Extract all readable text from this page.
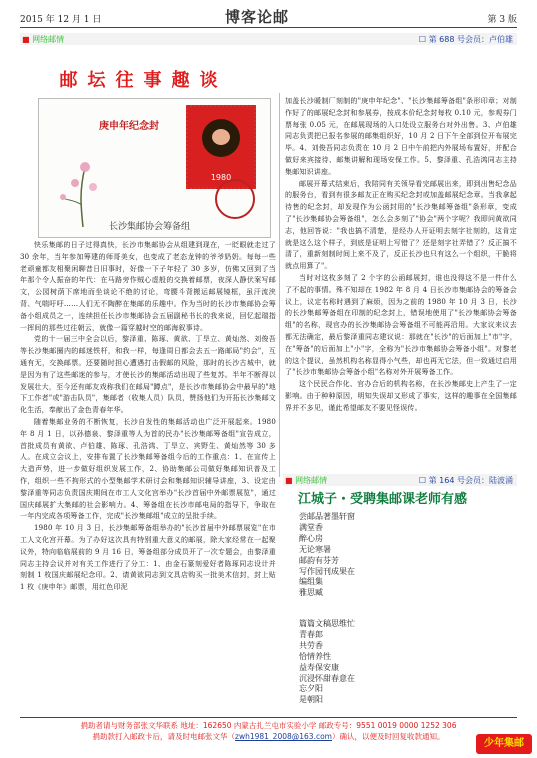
2015 年 12 月 1 日	博客论邮	第 3 版
■ 网络邮情	☐ 第 688 号会员：卢伯雄
邮坛往事趣谈
庚申年纪念封
1980
长沙集邮协会筹备组

快乐集邮的日子过得真快，长沙市集邮协会从组建到现在，一眨眼就走过了 30 余年，当年参加筹建的师哥美女，也变成了老态龙钟的爷爷奶奶。每每一些老顽童都友相聚闲聊昔日旧事时，好像一下子年轻了 30 多岁，仿佛又回到了当年那个令人振奋的年代：在马路旁作贼心虚般的交换着邮票，夜深人静伏案写邮文，公园树荫下席地而坐谈论不绝的讨论，弯腰斗背搬运邮展镜框，虽汗流浃背、气喘吁吁……人们无不陶醉在集邮的乐趣中。作为当时的长沙市集邮协会筹备小组成员之一，连续担任长沙市集邮协会五届副秘书长的我来说，回忆起瑞指一挥间的那些过往朝云，就像一篇穿越时空的邮海叙事诗。

党的十一届三中全会以后，黎泽重、陈琢、黄欲、丁旱立、黄灿然、刘俊吾等长沙集邮圈内的邮迷铁杆，和我一样，每逢周日都会去五一路邮局"约会"，互通有无，交换邮票。还要随时担心遭遇打击假邮的风险，那时的长沙古城中，就是因为有了这些邮迷的参与，才使长沙的集邮活动出现了些复苏。半年不断得以发展壮大，至今还有邮友戏称我们在邮局"蹲点"，是长沙市集邮协会中最早的"地下工作者"或"游击队员"，集邮者（收集人员）队员，赞扬他们为开拓长沙集邮文化生活，奉献出了金色青春年华。

随着集邮业务的不断恢复，长沙自发性的集邮活动也广泛开展起来。1980 年 8 月 1 日，以孙德泉、黎泽重等人为首的民办"长沙集邮筹备组"宣告成立，首批成员有黄欲、卢伯雄、陈琢、孔浩鸿、丁旱立、宾野生、黄灿然等 30 多人。在成立会议上，安排布置了长沙集邮筹备组今后的工作重点：1、在宣传上大造声势，进一步做好组织发展工作，2、协助集邮公司做好集邮知识普及工作，组织一些不拘形式的小型集邮学术研讨会和集邮知识辅导讲座，3、设定由黎泽重等同志负责国庆期间在市工人文化宫举办"长沙首届中外邮票展览"，通过国庆邮展扩大集邮的社会影响力。4、筹备组在长沙市邮电局的指导下，争取在一年内完成各项筹备工作，完成"长沙集邮组"成立的呈批手续。

1980 年 10 月 3 日，长沙集邮筹备组举办的"长沙首届中外邮票展览"在市工人文化宫开幕。为了办好这次具有特别重大意义的邮展，除大家经常在一起聚议外，特向临临展前的 9 月 16 日，筹备组部分成员开了一次专题会，由黎泽重同志主持会议并对有关工作进行了分工：1、由金石篆刻爱好者陈琢同志设计并刻制 1 枚国庆邮展纪念印。2、请黄欲同志到文具店购买一批美术信封，封上贴 1 枚《庚申年》邮票，用红色印泥

加盖长沙暖制厂刻制的"庚申年纪念"、"长沙集邮筹备组"条形印章；对制作好了的邮展纪念封和参展券，按成本价纪念封每枚 0.10 元，参观券门票每张 0.05 元，在邮展现场的入口处设立服务台对外出售。3、卢伯雄同志负责把已报名参展的邮集组织好，10 月 2 日下午全部到位开布展完毕。4、刘俊吾同志负责在 10 月 2 日中午前把内外展场布置好，并配合做好来宾接待、邮集讲解和现场安保工作。5、黎泽重、孔浩鸿同志主持集邮知识讲座。

邮展开幕式结束后，我陪同有关领导看完邮展出来，即到出售纪念品的服务台，看到有很多邮友正在购买纪念封或加盖邮展纪念章。当我拿起待售的纪念封，却发现作为公函封用的"长沙集邮筹备组"条形章，变成了"长沙集邮协会筹备组"，怎么会多刻了"协会"两个字呢？我即问黄欲同志，他回答说："我也搞不清楚，是经办人开证明去刻字社刻的，这肯定就是这么这个样子，到底是证明上写错了？还是刻字社弄错了？反正搞不清了，重新刻制时间上来不及了，反正长沙也只有这么一个组织，干脆将就点用算了"。

当时对这枚多刻了 2 个字的公函邮展封，谁也没得这不是一件什么了不起的事情。殊不知却在 1982 年 8 月 4 日长沙市集邮协会的筹备会议上，议定名称时遇到了麻烦，因为之前的 1980 年 10 月 3 日，长沙的长沙集邮筹备组在印制的纪念封上，错误地使用了"长沙集邮协会筹备组"的名称，现官办的长沙集邮协会筹备组不可能再沿用。大家议来议去都无法确定，最后黎泽重同志建议说：那就在"长沙"的后面加上"市"字，在"筹备"的后面加上"小"字，全称为"长沙市集邮协会筹备小组"。对黎老的这个提议，虽然机构名称显得小气些，却也再无它法，但一致通过启用了"长沙市集邮协会筹备小组"名称对外开展筹备工作。

这个民民合作化、官办合后的机构名称，在长沙集邮史上产生了一定影响。由于种种原因，明知失误却又形成了事实，这样的趣事在全国集邮界并不多见，谨此希望邮友不要见怪误传。

■ 网络邮情	☐ 第 164 号会员：陆波涌
江城子・受聘集邮课老师有感
尝邮品著墨轩窗
满堂香
醉心房
无论寒暑
邮韵有芬芳
写作园刊成果在
编组集
雅思臧
篇篇文稿思维忙
青春郎
共劳香
恰情养性
益寿保安康
沉浸怀甜春意在
忘夕阳
是朝阳
捐助者请与财务部张文华联系 地址：162650 内蒙古扎兰屯市实验小学 邮政专号：9551 0019 0000 1252 306
捐助款打入邮政卡后，请及时电邮张文华（zwh1981_2008@163.com）确认，以便及时回复收款通知。
少年集邮
